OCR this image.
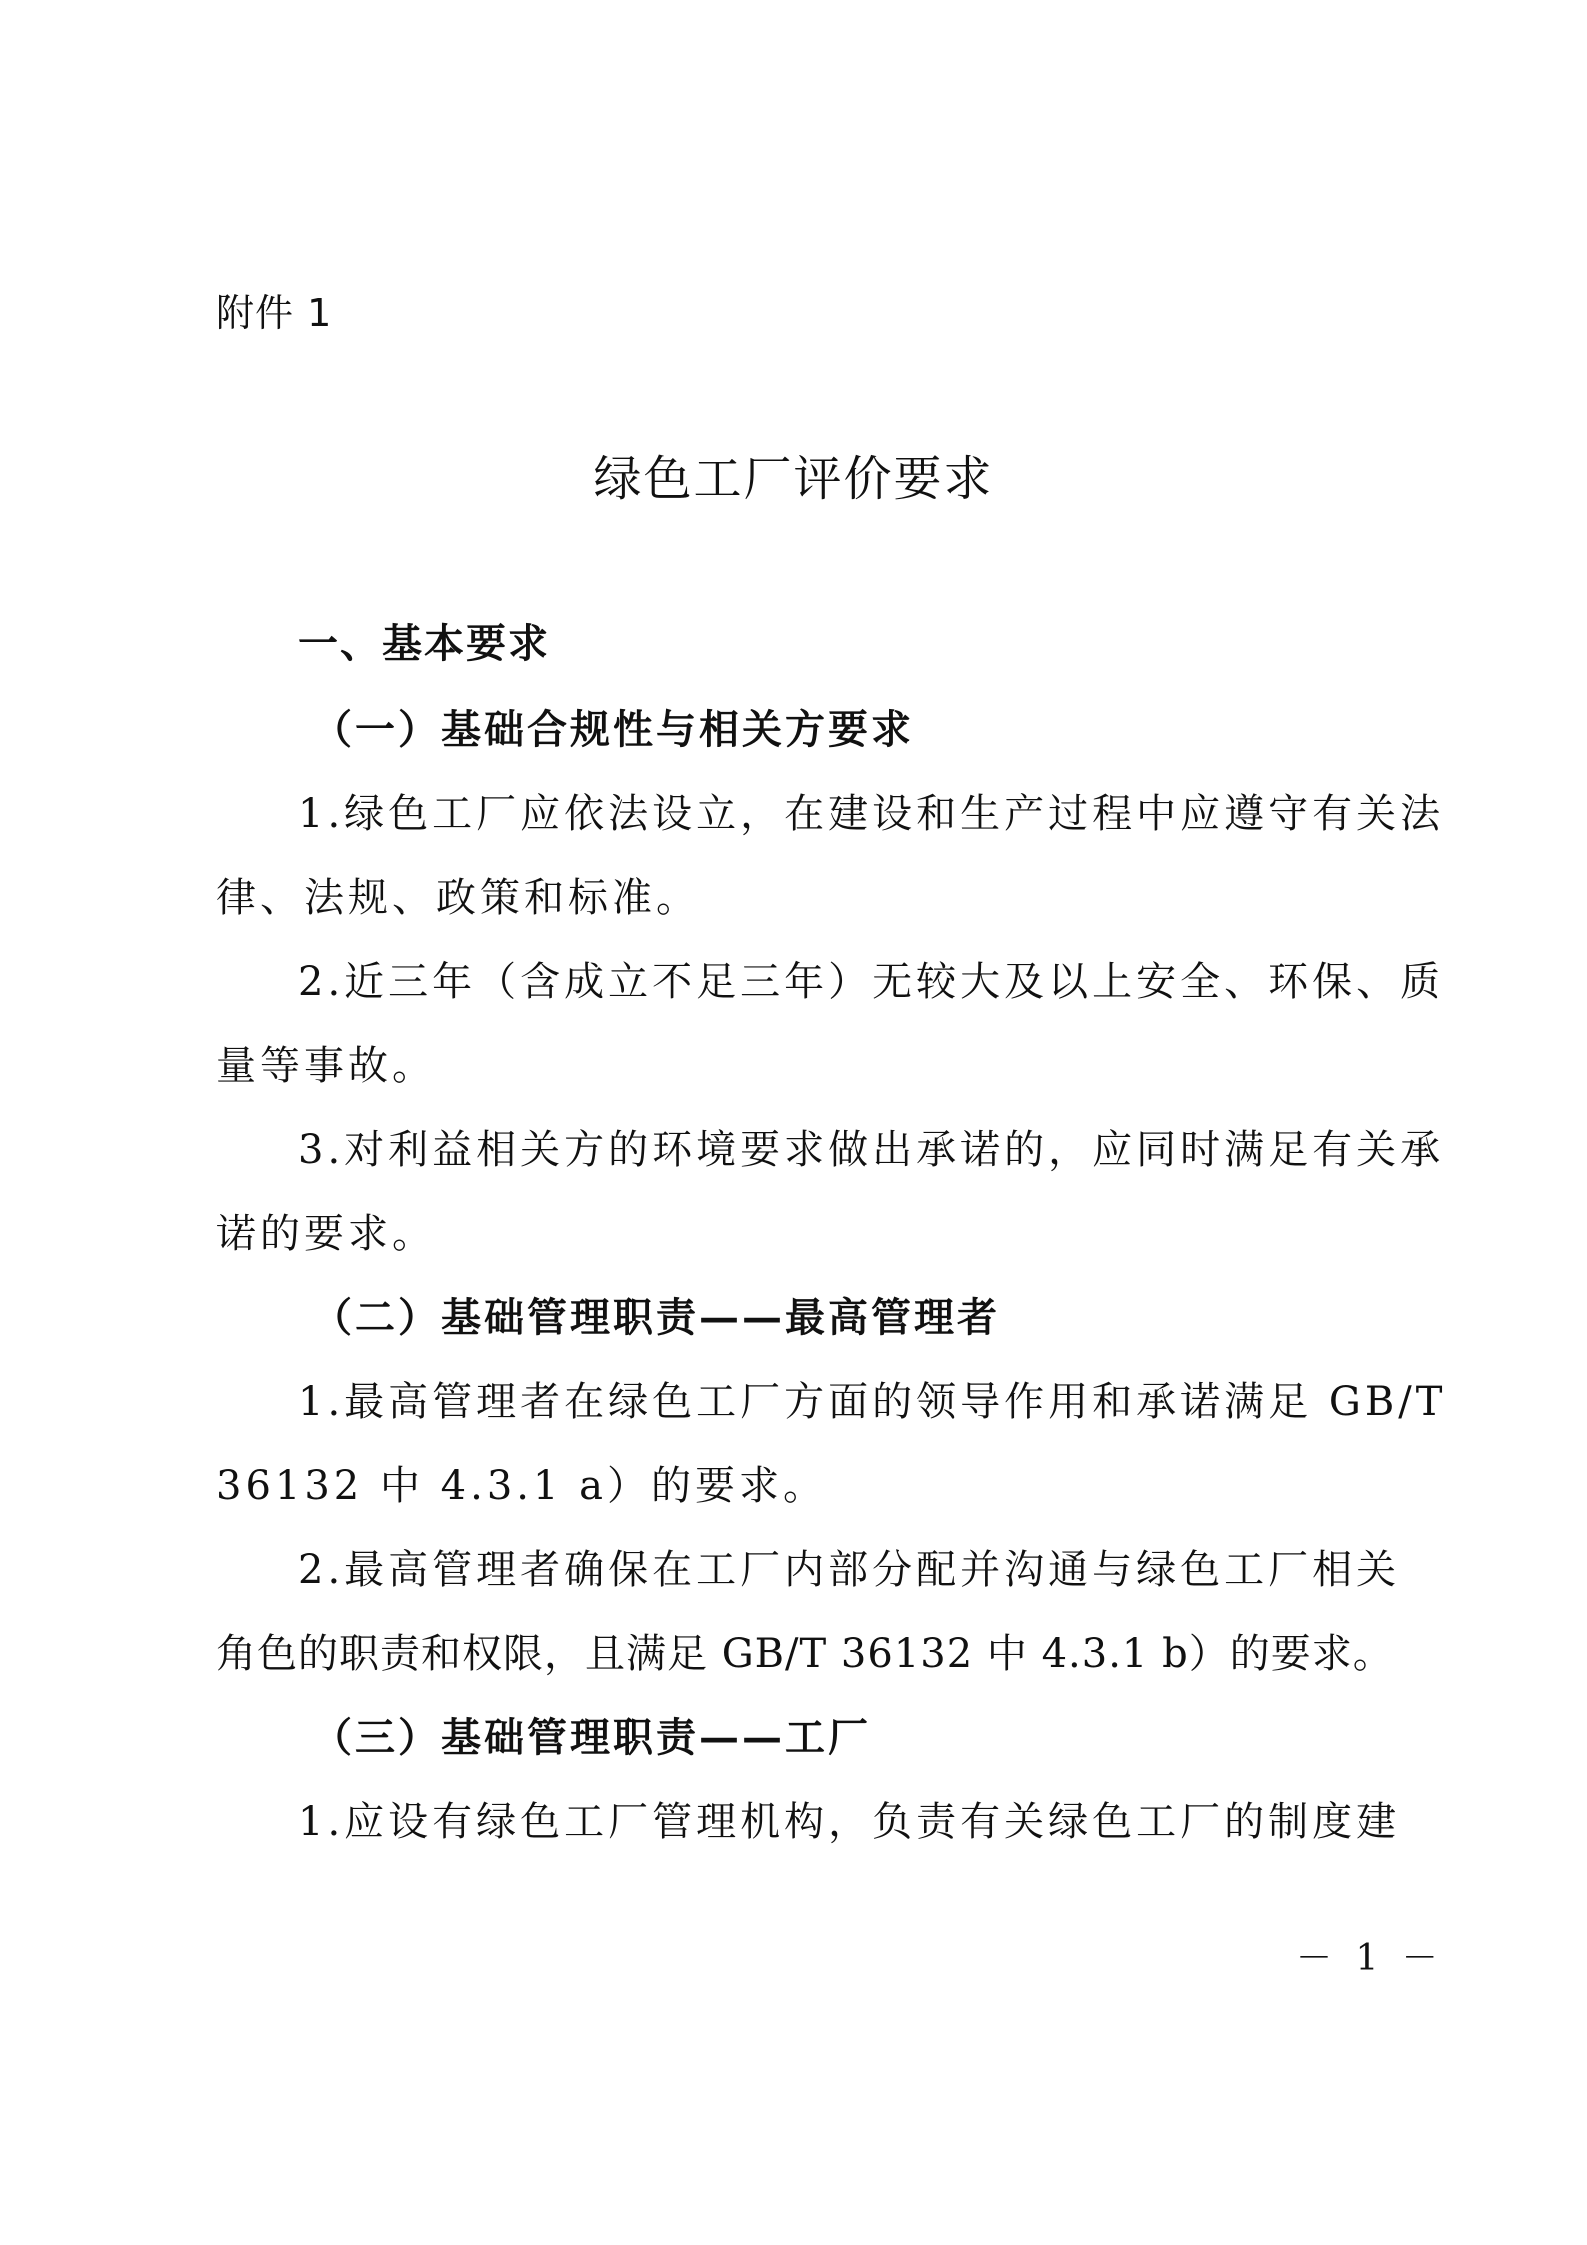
附件 1
绿色工厂评价要求
一、基本要求
（一）基础合规性与相关方要求
1.绿色工厂应依法设立，在建设和生产过程中应遵守有关法
律、法规、政策和标准。
2.近三年（含成立不足三年）无较大及以上安全、环保、质
量等事故。
3.对利益相关方的环境要求做出承诺的，应同时满足有关承
诺的要求。
（二）基础管理职责——最高管理者
1.最高管理者在绿色工厂方面的领导作用和承诺满足 GB/T
36132 中 4.3.1 a）的要求。
2.最高管理者确保在工厂内部分配并沟通与绿色工厂相关
角色的职责和权限，且满足 GB/T 36132 中 4.3.1 b）的要求。
（三）基础管理职责——工厂
1.应设有绿色工厂管理机构，负责有关绿色工厂的制度建
－ 1 －
